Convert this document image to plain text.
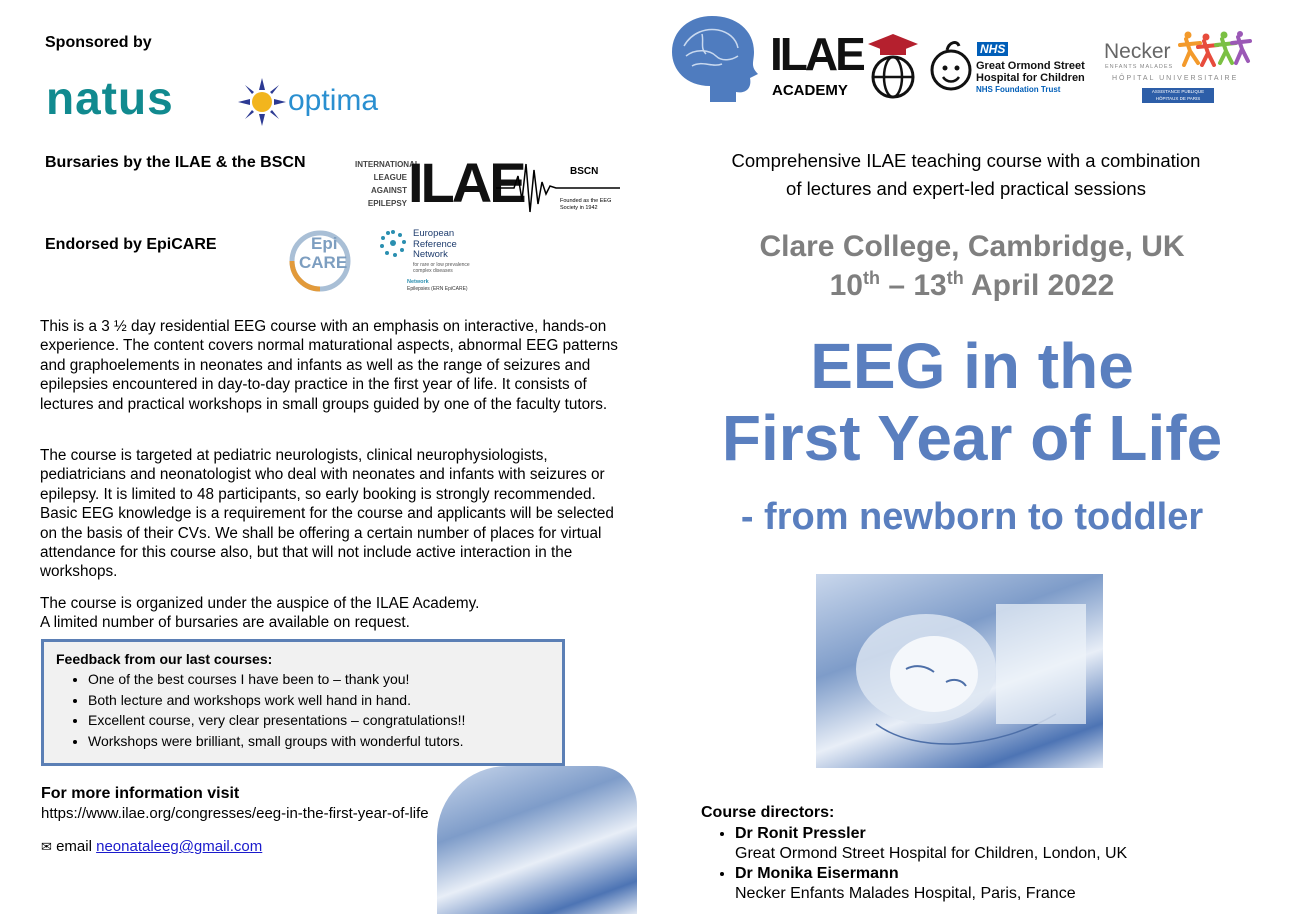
Sponsored by
natus	optima
Bursaries by the ILAE & the BSCN	INTERNATIONAL
LEAGUE
AGAINST
EPILEPSY ILAE	BSCN
Founded as the EEG Society in 1942
Endorsed by EpiCARE	Epi
CARE
European
Reference
Network
for rare or low prevalence complex diseases
Network
Epilepsies (ERN EpiCARE)
This is a 3 ½ day residential EEG course with an emphasis on interactive, hands-on experience. The content covers normal maturational aspects, abnormal EEG patterns and graphoelements in neonates and infants as well as the range of seizures and epilepsies encountered in day-to-day practice in the first year of life. It consists of lectures and practical workshops in small groups guided by one of the faculty tutors.
The course is targeted at pediatric neurologists, clinical neurophysiologists, pediatricians and neonatologist who deal with neonates and infants with seizures or epilepsy. It is limited to 48 participants, so early booking is strongly recommended. Basic EEG knowledge is a requirement for the course and applicants will be selected on the basis of their CVs. We shall be offering a certain number of places for virtual attendance for this course also, but that will not include active interaction in the workshops.
The course is organized under the auspice of the ILAE Academy.
A limited number of bursaries are available on request.
Feedback from our last courses:
• One of the best courses I have been to – thank you!
• Both lecture and workshops work well hand in hand.
• Excellent course, very clear presentations – congratulations!!
• Workshops were brilliant, small groups with wonderful tutors.
For more information visit
https://www.ilae.org/congresses/eeg-in-the-first-year-of-life
✉ email neonataleeg@gmail.com
ILAE
ACADEMY
NHS
Great Ormond Street
Hospital for Children
NHS Foundation Trust
Necker
ENFANTS MALADES
HÔPITAL UNIVERSITAIRE
ASSISTANCE PUBLIQUE HÔPITAUX DE PARIS
Comprehensive ILAE teaching course with a combination
of lectures and expert-led practical sessions
Clare College, Cambridge, UK
10th – 13th April 2022
EEG in the
First Year of Life
- from newborn to toddler
Course directors:
• Dr Ronit Pressler
Great Ormond Street Hospital for Children, London, UK
• Dr Monika Eisermann
Necker Enfants Malades Hospital, Paris, France
